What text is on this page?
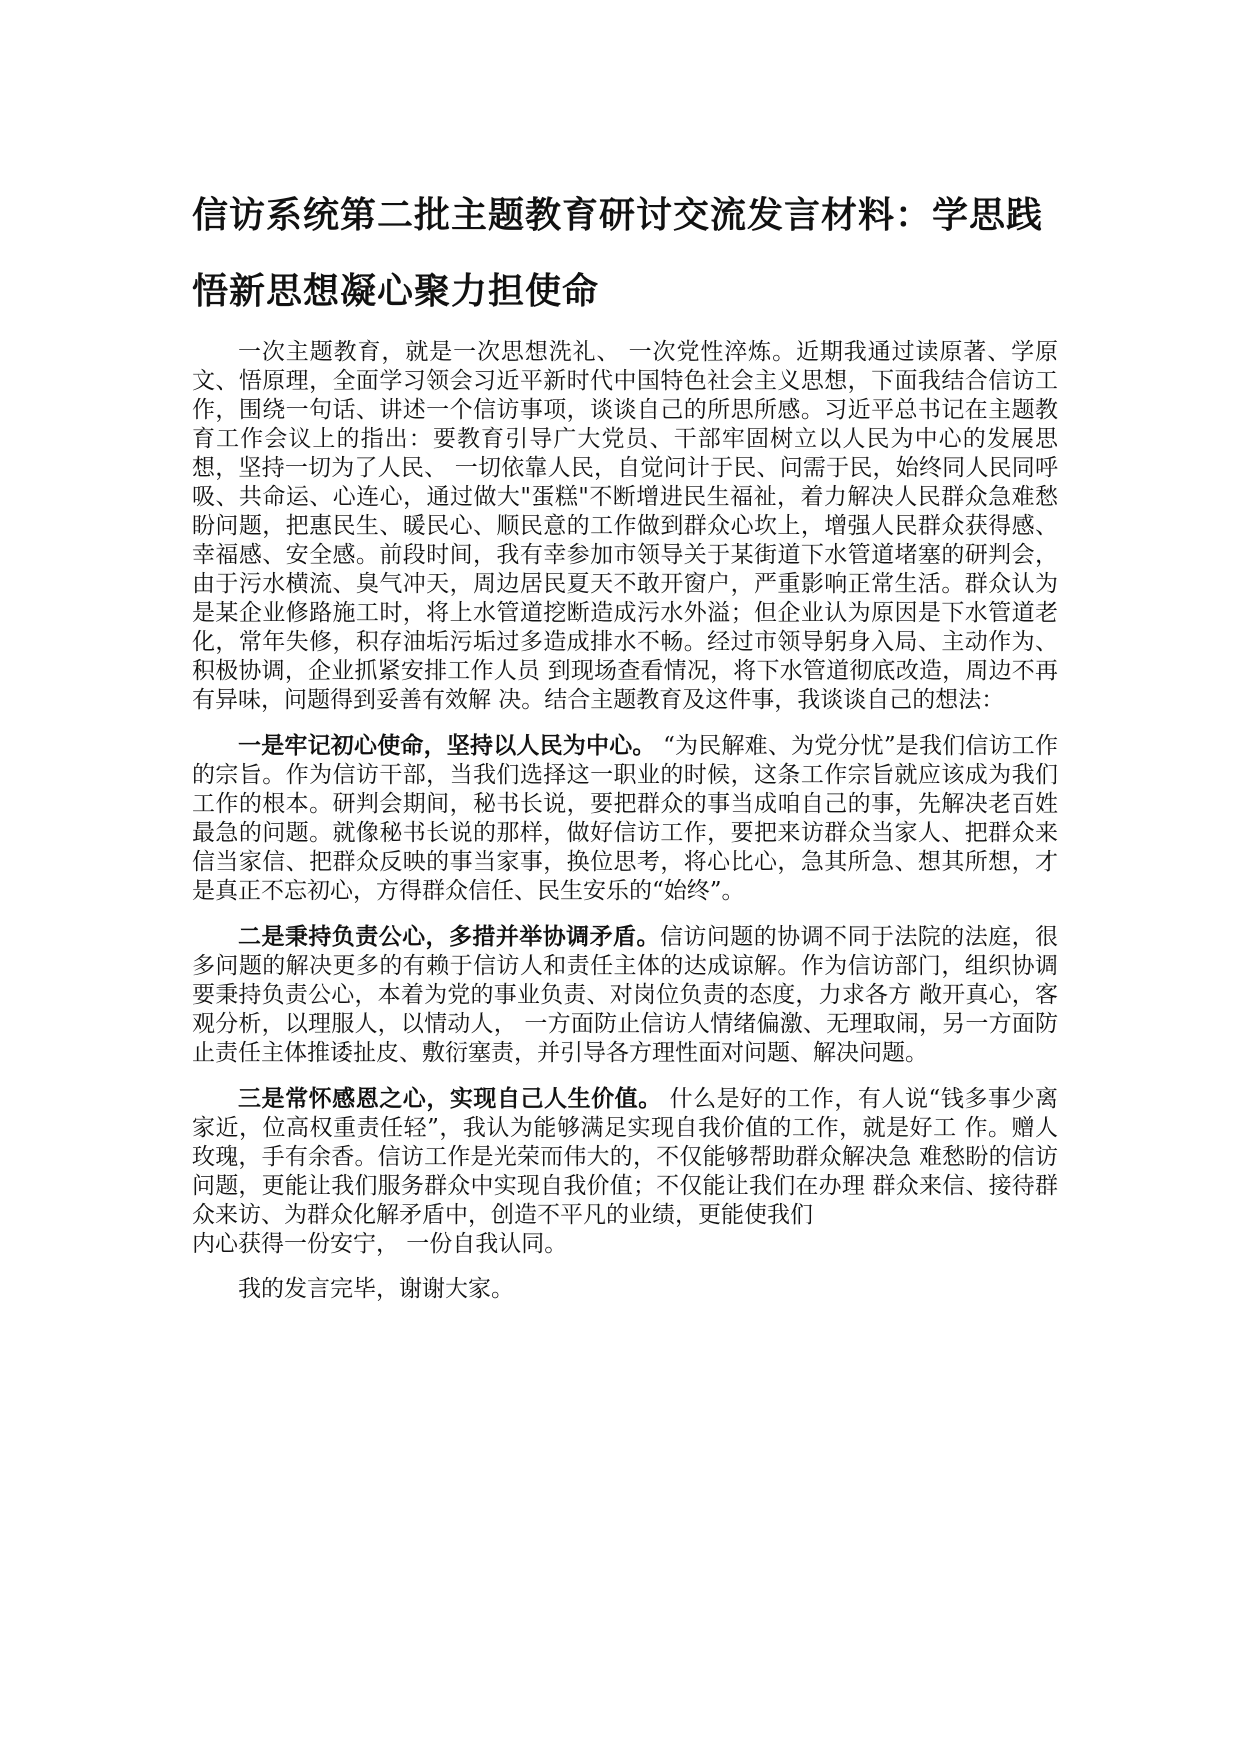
信访系统第二批主题教育研讨交流发言材料：学思践悟新思想凝心聚力担使命

一次主题教育，就是一次思想洗礼、 一次党性淬炼。近期我通过读原著、学原文、悟原理，全面学习领会习近平新时代中国特色社会主义思想，下面我结合信访工作，围绕一句话、讲述一个信访事项，谈谈自己的所思所感。习近平总书记在主题教育工作会议上的指出：要教育引导广大党员、干部牢固树立以人民为中心的发展思想，坚持一切为了人民、 一切依靠人民，自觉问计于民、问需于民，始终同人民同呼吸、共命运、心连心，通过做大"蛋糕"不断增进民生福祉，着力解决人民群众急难愁盼问题，把惠民生、暖民心、顺民意的工作做到群众心坎上，增强人民群众获得感、幸福感、安全感。前段时间，我有幸参加市领导关于某街道下水管道堵塞的研判会，由于污水横流、臭气冲天，周边居民夏天不敢开窗户，严重影响正常生活。群众认为是某企业修路施工时，将上水管道挖断造成污水外溢；但企业认为原因是下水管道老化，常年失修，积存油垢污垢过多造成排水不畅。经过市领导躬身入局、主动作为、积极协调，企业抓紧安排工作人员 到现场查看情况，将下水管道彻底改造，周边不再有异味，问题得到妥善有效解 决。结合主题教育及这件事，我谈谈自己的想法：

一是牢记初心使命，坚持以人民为中心。 “为民解难、为党分忧”是我们信访工作的宗旨。作为信访干部，当我们选择这一职业的时候，这条工作宗旨就应该成为我们工作的根本。研判会期间，秘书长说，要把群众的事当成咱自己的事，先解决老百姓最急的问题。就像秘书长说的那样，做好信访工作，要把来访群众当家人、把群众来信当家信、把群众反映的事当家事，换位思考，将心比心，急其所急、想其所想，才是真正不忘初心，方得群众信任、民生安乐的“始终”。

二是秉持负责公心，多措并举协调矛盾。信访问题的协调不同于法院的法庭，很多问题的解决更多的有赖于信访人和责任主体的达成谅解。作为信访部门，组织协调要秉持负责公心，本着为党的事业负责、对岗位负责的态度，力求各方 敞开真心，客观分析，以理服人，以情动人， 一方面防止信访人情绪偏激、无理取闹，另一方面防止责任主体推诿扯皮、敷衍塞责，并引导各方理性面对问题、解决问题。

三是常怀感恩之心，实现自己人生价值。 什么是好的工作，有人说“钱多事少离家近，位高权重责任轻”，我认为能够满足实现自我价值的工作，就是好工 作。赠人玫瑰，手有余香。信访工作是光荣而伟大的，不仅能够帮助群众解决急 难愁盼的信访问题，更能让我们服务群众中实现自我价值；不仅能让我们在办理 群众来信、接待群众来访、为群众化解矛盾中，创造不平凡的业绩，更能使我们

内心获得一份安宁， 一份自我认同。

我的发言完毕，谢谢大家。
